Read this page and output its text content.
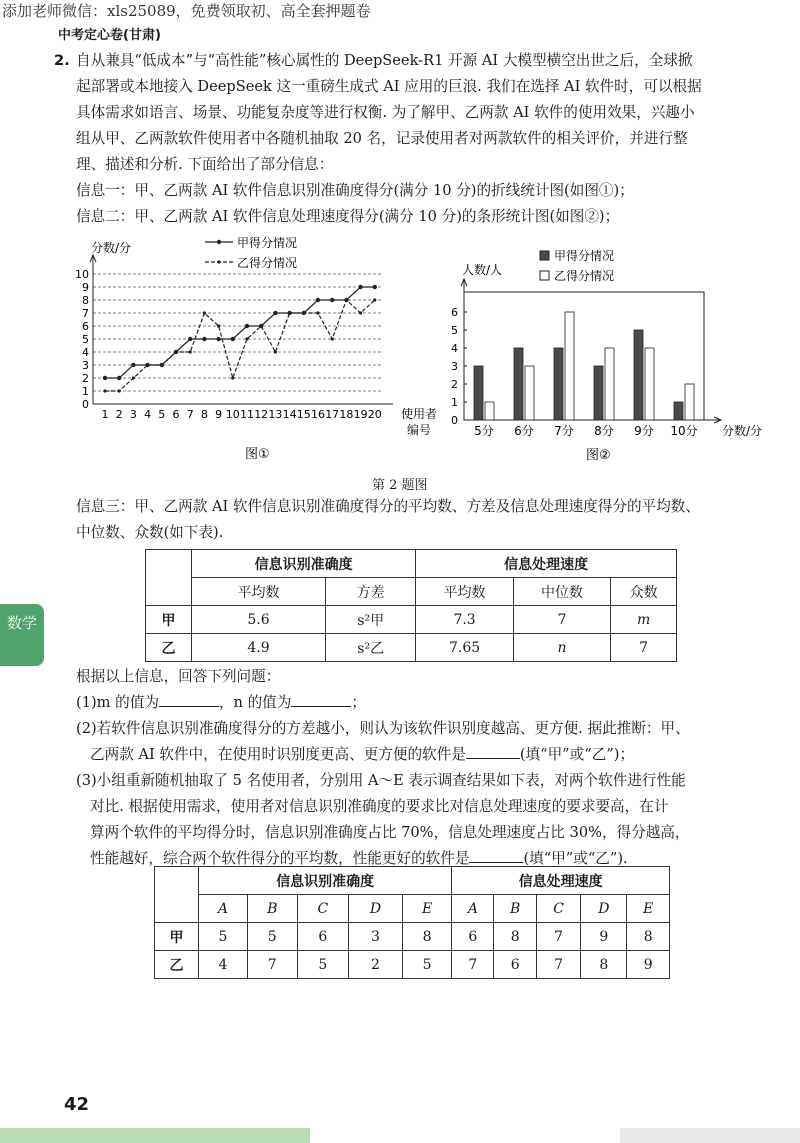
添加老师微信：xls25089，免费领取初、高全套押题卷
中考定心卷(甘肃)
2. 自从兼具“低成本”与“高性能”核心属性的 DeepSeek-R1 开源 AI 大模型横空出世之后，全球掀
起部署或本地接入 DeepSeek 这一重磅生成式 AI 应用的巨浪. 我们在选择 AI 软件时，可以根据
具体需求如语言、场景、功能复杂度等进行权衡. 为了解甲、乙两款 AI 软件的使用效果，兴趣小
组从甲、乙两款软件使用者中各随机抽取 20 名，记录使用者对两款软件的相关评价，并进行整
理、描述和分析. 下面给出了部分信息：
信息一：甲、乙两款 AI 软件信息识别准确度得分(满分 10 分)的折线统计图(如图①)；
信息二：甲、乙两款 AI 软件信息处理速度得分(满分 10 分)的条形统计图(如图②)；
0
1
2
3
4
5
6
7
8
9
10
分数/分
1 2 3 4 5 6 7 8 9 10 11 12 13 14 15 16 17 18 19 20 使用者
编号
甲得分情况
乙得分情况
图①
0
1
2
3
4
5
6
人数/人
5分 6分 7分 8分 9分 10分 分数/分
甲得分情况
乙得分情况
图②
第 2 题图
信息三：甲、乙两款 AI 软件信息识别准确度得分的平均数、方差及信息处理速度得分的平均数、
中位数、众数(如下表).
	信息识别准确度		信息处理速度		
	平均数	方差	平均数	中位数	众数
甲	5.6	s²甲	7.3	7	m
乙	4.9	s²乙	7.65	n	7
根据以上信息，回答下列问题：
(1)m 的值为	，n 的值为	；
(2)若软件信息识别准确度得分的方差越小，则认为该软件识别度越高、更方便. 据此推断：甲、
乙两款 AI 软件中，在使用时识别度更高、更方便的软件是	(填“甲”或“乙”)；
(3)小组重新随机抽取了 5 名使用者，分别用 A～E 表示调查结果如下表，对两个软件进行性能
对比. 根据使用需求，使用者对信息识别准确度的要求比对信息处理速度的要求要高，在计
算两个软件的平均得分时，信息识别准确度占比 70%，信息处理速度占比 30%，得分越高，
性能越好，综合两个软件得分的平均数，性能更好的软件是	(填“甲”或“乙”).
	信息识别准确度					信息处理速度				
	A	B	C	D	E	A	B	C	D	E
甲	5	5	6	3	8	6	8	7	9	8
乙	4	7	5	2	5	7	6	7	8	9
数学
42
